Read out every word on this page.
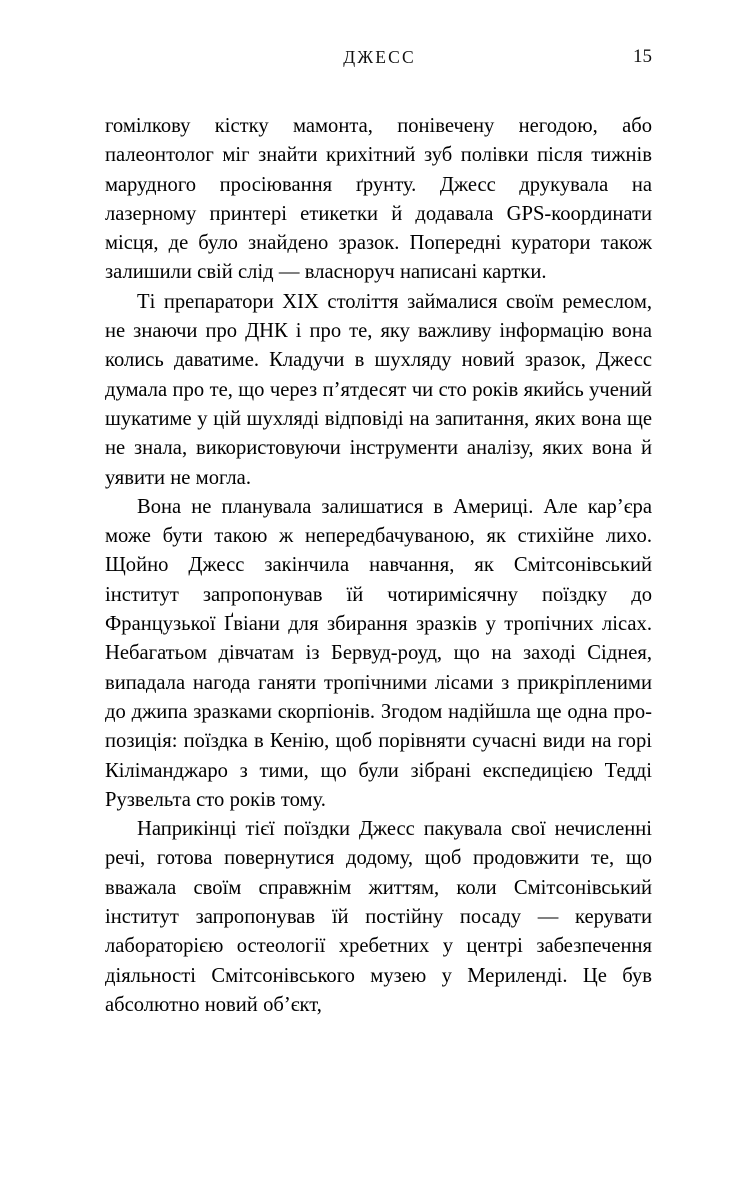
ДЖЕСС	15

гомілкову кістку мамонта, понівечену негодою, або палеонтолог міг знайти крихітний зуб полівки після тижнів марудного просіювання ґрунту. Джесс друкувала на лазерному принтері етикетки й додавала GPS-координати місця, де було знайдено зразок. Попередні куратори також залишили свій слід — власноруч написані картки.

Ті препаратори XIX століття займалися своїм ремеслом, не знаючи про ДНК і про те, яку важливу інформацію вона колись даватиме. Кладучи в шухляду новий зразок, Джесс думала про те, що через п’ятдесят чи сто років якийсь учений шукатиме у цій шухляді відповіді на запитання, яких вона ще не знала, використовуючи інструменти аналізу, яких вона й уявити не могла.

Вона не планувала залишатися в Америці. Але кар’єра може бути такою ж непередбачуваною, як стихійне лихо. Щойно Джесс закінчила навчання, як Смітсонівський інститут запропонував їй чотиримісячну поїздку до Французької Ґвіани для збирання зразків у тропічних лісах. Небагатьом дівчатам із Бервуд-роуд, що на заході Сіднея, випадала нагода ганяти тропічними лісами з прикріпленими до джипа зразками скорпіонів. Згодом надійшла ще одна пропозиція: поїздка в Кенію, щоб порівняти сучасні види на горі Кіліманджаро з тими, що були зібрані експедицією Тедді Рузвельта сто років тому.

Наприкінці тієї поїздки Джесс пакувала свої нечисленні речі, готова повернутися додому, щоб продовжити те, що вважала своїм справжнім життям, коли Смітсонівський інститут запропонував їй постійну посаду — керувати лабораторією остеології хребетних у центрі забезпечення діяльності Смітсонівського музею у Мериленді. Це був абсолютно новий об’єкт,
